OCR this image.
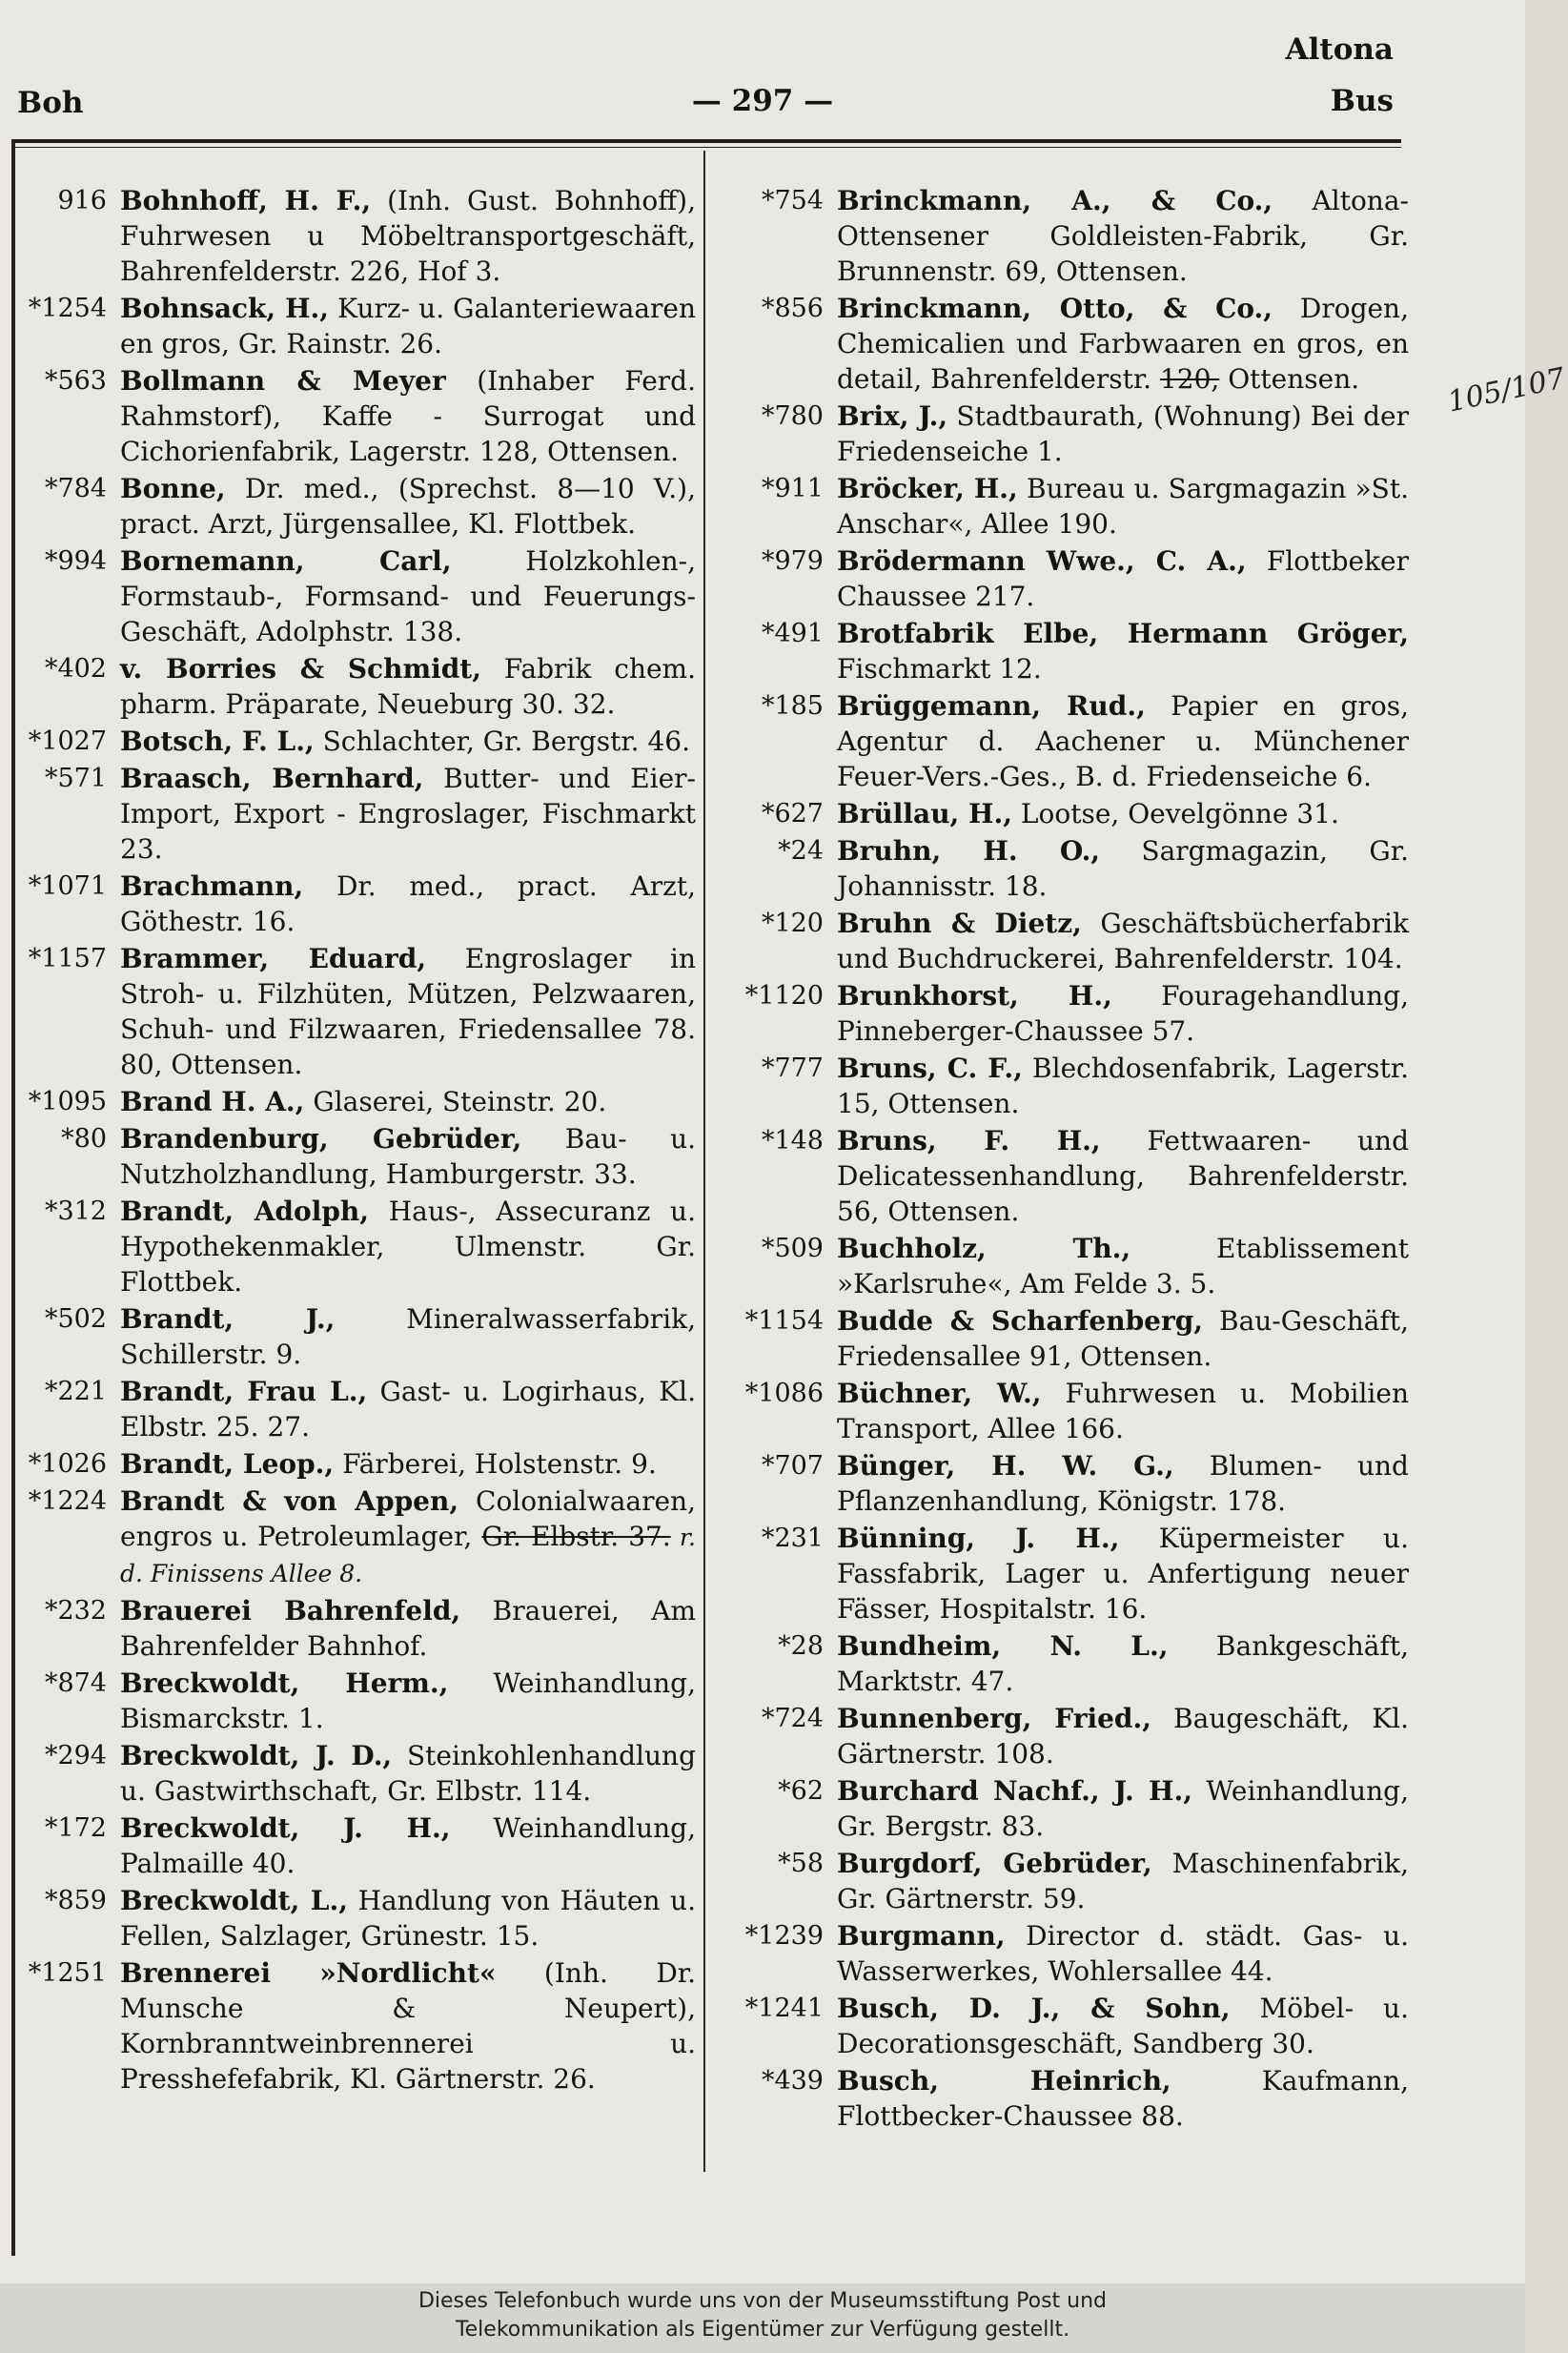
Boh	— 297 —
Altona
Bus
105/107
916 Bohnhoff, H. F., (Inh. Gust. Bohnhoff), Fuhrwesen u Möbeltransportgeschäft, Bahrenfelderstr. 226, Hof 3.
*1254 Bohnsack, H., Kurz- u. Galanteriewaaren en gros, Gr. Rainstr. 26.
*563 Bollmann & Meyer (Inhaber Ferd. Rahmstorf), Kaffe - Surrogat und Cichorienfabrik, Lagerstr. 128, Ottensen.
*784 Bonne, Dr. med., (Sprechst. 8—10 V.), pract. Arzt, Jürgensallee, Kl. Flottbek.
*994 Bornemann, Carl, Holzkohlen-, Formstaub-, Formsand- und Feuerungs-Geschäft, Adolphstr. 138.
*402 v. Borries & Schmidt, Fabrik chem. pharm. Präparate, Neueburg 30. 32.
*1027 Botsch, F. L., Schlachter, Gr. Bergstr. 46.
*571 Braasch, Bernhard, Butter- und Eier-Import, Export - Engroslager, Fischmarkt 23.
*1071 Brachmann, Dr. med., pract. Arzt, Göthestr. 16.
*1157 Brammer, Eduard, Engroslager in Stroh- u. Filzhüten, Mützen, Pelzwaaren, Schuh- und Filzwaaren, Friedensallee 78. 80, Ottensen.
*1095 Brand H. A., Glaserei, Steinstr. 20.
*80 Brandenburg, Gebrüder, Bau- u. Nutzholzhandlung, Hamburgerstr. 33.
*312 Brandt, Adolph, Haus-, Assecuranz u. Hypothekenmakler, Ulmenstr. Gr. Flottbek.
*502 Brandt, J., Mineralwasserfabrik, Schillerstr. 9.
*221 Brandt, Frau L., Gast- u. Logirhaus, Kl. Elbstr. 25. 27.
*1026 Brandt, Leop., Färberei, Holstenstr. 9.
*1224 Brandt & von Appen, Colonialwaaren, engros u. Petroleumlager, Gr. Elbstr. 37. r. d. Finissens Allee 8.
*232 Brauerei Bahrenfeld, Brauerei, Am Bahrenfelder Bahnhof.
*874 Breckwoldt, Herm., Weinhandlung, Bismarckstr. 1.
*294 Breckwoldt, J. D., Steinkohlenhandlung u. Gastwirthschaft, Gr. Elbstr. 114.
*172 Breckwoldt, J. H., Weinhandlung, Palmaille 40.
*859 Breckwoldt, L., Handlung von Häuten u. Fellen, Salzlager, Grünestr. 15.
*1251 Brennerei »Nordlicht« (Inh. Dr. Munsche & Neupert), Kornbranntweinbrennerei u. Presshefefabrik, Kl. Gärtnerstr. 26.
*754 Brinckmann, A., & Co., Altona-Ottensener Goldleisten-Fabrik, Gr. Brunnenstr. 69, Ottensen.
*856 Brinckmann, Otto, & Co., Drogen, Chemicalien und Farbwaaren en gros, en detail, Bahrenfelderstr. 120, Ottensen.
*780 Brix, J., Stadtbaurath, (Wohnung) Bei der Friedenseiche 1.
*911 Bröcker, H., Bureau u. Sargmagazin »St. Anschar«, Allee 190.
*979 Brödermann Wwe., C. A., Flottbeker Chaussee 217.
*491 Brotfabrik Elbe, Hermann Gröger, Fischmarkt 12.
*185 Brüggemann, Rud., Papier en gros, Agentur d. Aachener u. Münchener Feuer-Vers.-Ges., B. d. Friedenseiche 6.
*627 Brüllau, H., Lootse, Oevelgönne 31.
*24 Bruhn, H. O., Sargmagazin, Gr. Johannisstr. 18.
*120 Bruhn & Dietz, Geschäftsbücherfabrik und Buchdruckerei, Bahrenfelderstr. 104.
*1120 Brunkhorst, H., Fouragehandlung, Pinneberger-Chaussee 57.
*777 Bruns, C. F., Blechdosenfabrik, Lagerstr. 15, Ottensen.
*148 Bruns, F. H., Fettwaaren- und Delicatessenhandlung, Bahrenfelderstr. 56, Ottensen.
*509 Buchholz, Th., Etablissement »Karlsruhe«, Am Felde 3. 5.
*1154 Budde & Scharfenberg, Bau-Geschäft, Friedensallee 91, Ottensen.
*1086 Büchner, W., Fuhrwesen u. Mobilien Transport, Allee 166.
*707 Bünger, H. W. G., Blumen- und Pflanzenhandlung, Königstr. 178.
*231 Bünning, J. H., Küpermeister u. Fassfabrik, Lager u. Anfertigung neuer Fässer, Hospitalstr. 16.
*28 Bundheim, N. L., Bankgeschäft, Marktstr. 47.
*724 Bunnenberg, Fried., Baugeschäft, Kl. Gärtnerstr. 108.
*62 Burchard Nachf., J. H., Weinhandlung, Gr. Bergstr. 83.
*58 Burgdorf, Gebrüder, Maschinenfabrik, Gr. Gärtnerstr. 59.
*1239 Burgmann, Director d. städt. Gas- u. Wasserwerkes, Wohlersallee 44.
*1241 Busch, D. J., & Sohn, Möbel- u. Decorationsgeschäft, Sandberg 30.
*439 Busch, Heinrich, Kaufmann, Flottbecker-Chaussee 88.
Dieses Telefonbuch wurde uns von der Museumsstiftung Post und
Telekommunikation als Eigentümer zur Verfügung gestellt.
